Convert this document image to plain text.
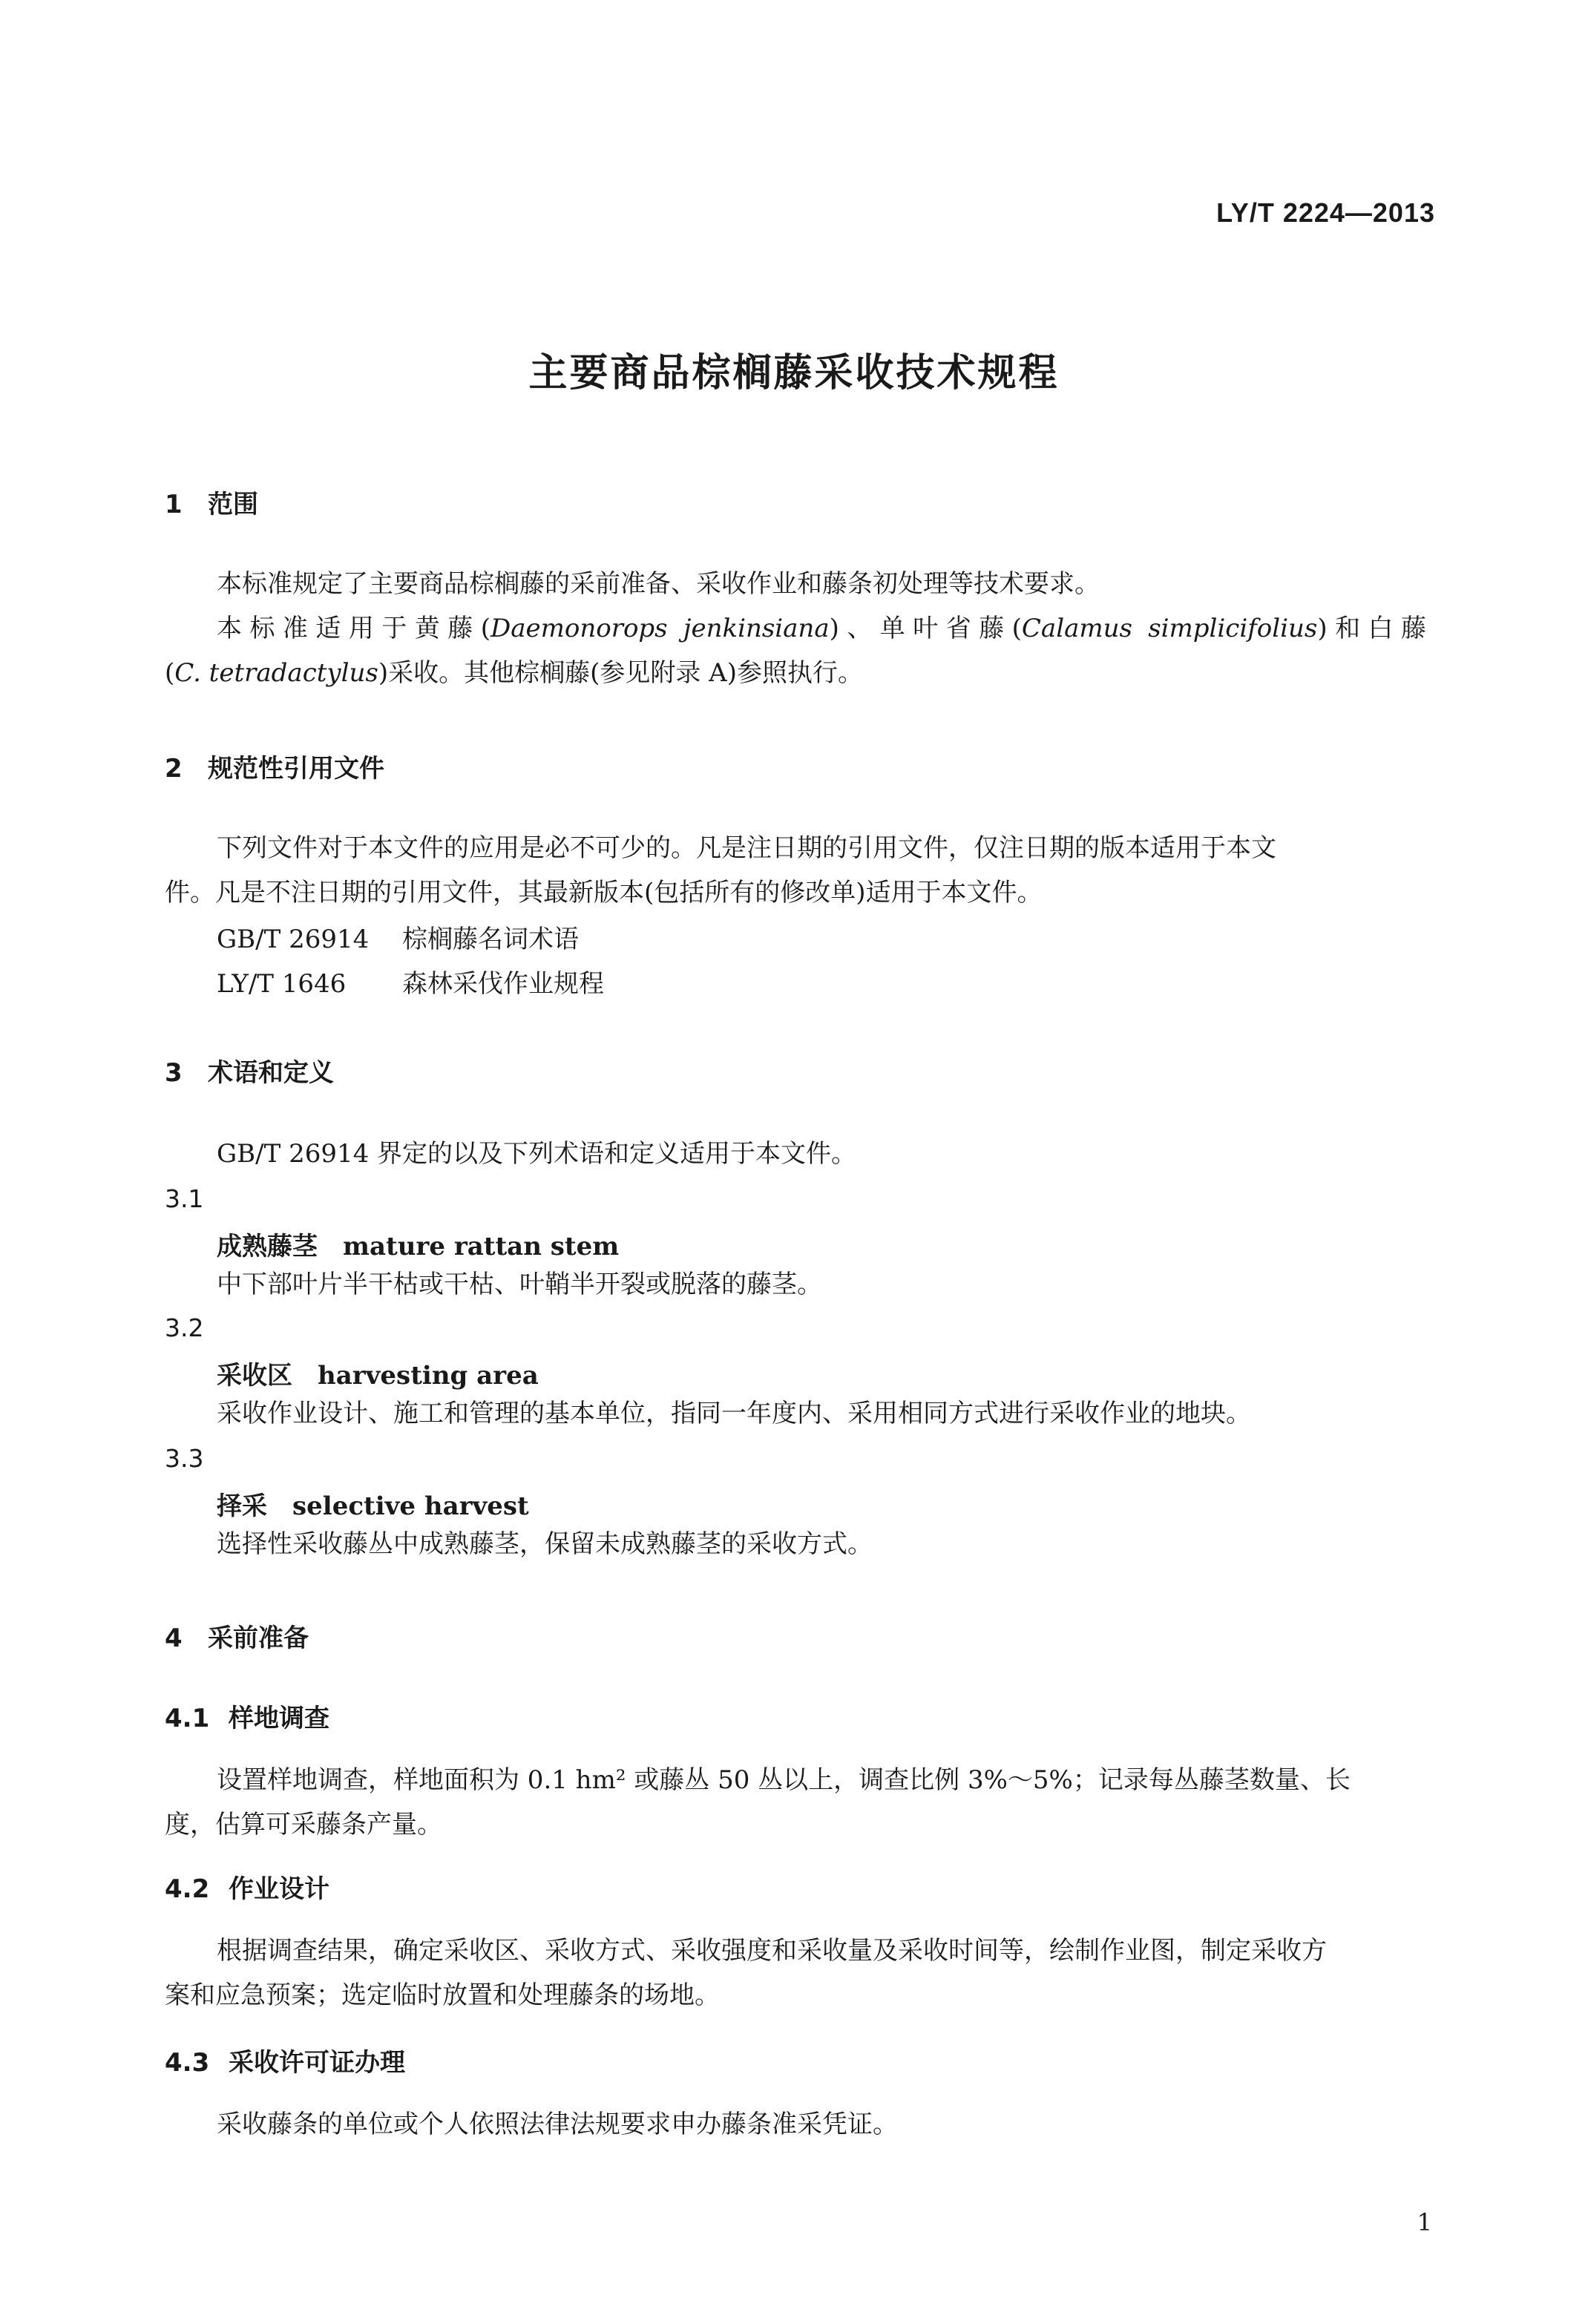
LY/T 2224—2013
主要商品棕榈藤采收技术规程
1 范围
本标准规定了主要商品棕榈藤的采前准备、采收作业和藤条初处理等技术要求。
本标准适用于黄藤(Daemonorops jenkinsiana)、单叶省藤(Calamus simplicifolius)和白藤
(C. tetradactylus)采收。其他棕榈藤(参见附录 A)参照执行。
2 规范性引用文件
下列文件对于本文件的应用是必不可少的。凡是注日期的引用文件，仅注日期的版本适用于本文
件。凡是不注日期的引用文件，其最新版本(包括所有的修改单)适用于本文件。
GB/T 26914 棕榈藤名词术语
LY/T 1646 森林采伐作业规程
3 术语和定义
GB/T 26914 界定的以及下列术语和定义适用于本文件。
3.1
成熟藤茎 mature rattan stem
中下部叶片半干枯或干枯、叶鞘半开裂或脱落的藤茎。
3.2
采收区 harvesting area
采收作业设计、施工和管理的基本单位，指同一年度内、采用相同方式进行采收作业的地块。
3.3
择采 selective harvest
选择性采收藤丛中成熟藤茎，保留未成熟藤茎的采收方式。
4 采前准备
4.1 样地调查
设置样地调查，样地面积为 0.1 hm² 或藤丛 50 丛以上，调查比例 3%～5%；记录每丛藤茎数量、长
度，估算可采藤条产量。
4.2 作业设计
根据调查结果，确定采收区、采收方式、采收强度和采收量及采收时间等，绘制作业图，制定采收方
案和应急预案；选定临时放置和处理藤条的场地。
4.3 采收许可证办理
采收藤条的单位或个人依照法律法规要求申办藤条准采凭证。
1
